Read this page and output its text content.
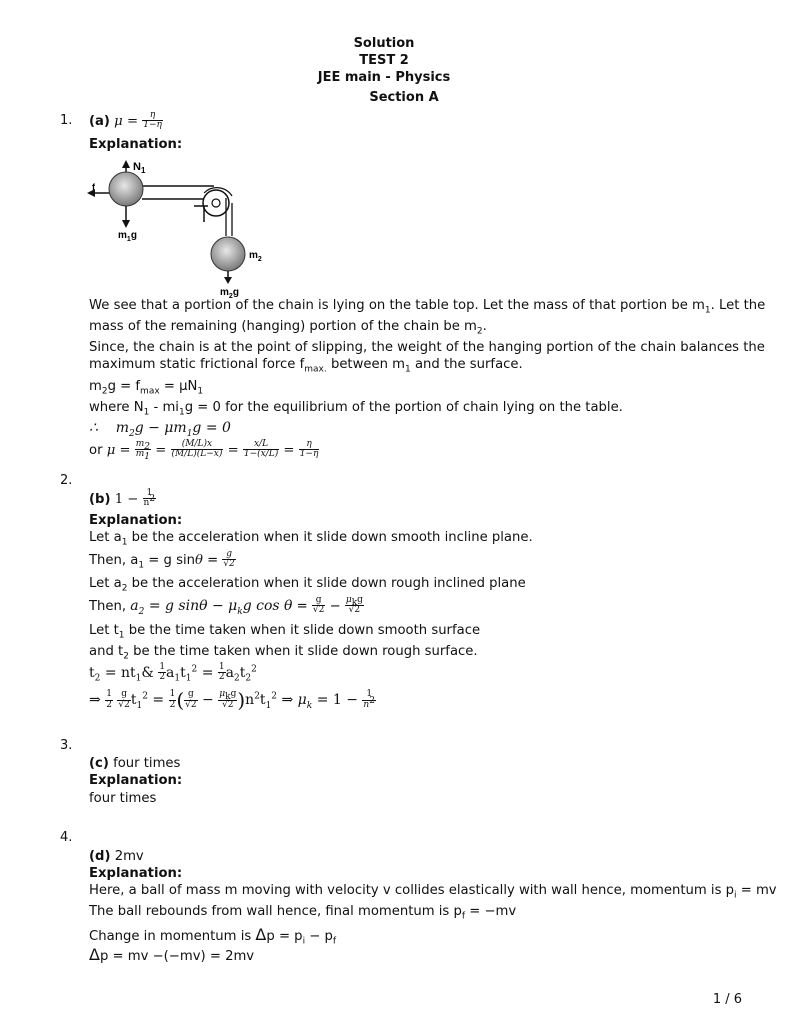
Solution
TEST 2
JEE main - Physics
Section A
1. (a) $\mu = \frac{\eta}{1-\eta}$
Explanation:
$N_1$
f
$m_1g$
$m_2$
$m_2g$
We see that a portion of the chain is lying on the table top. Let the mass of that portion be $m_1$. Let the
mass of the remaining (hanging) portion of the chain be $m_2$.
Since, the chain is at the point of slipping, the weight of the hanging portion of the chain balances the
maximum static frictional force $f_{max.}$ between $m_1$ and the surface.
$m_2g = f_{max} = \mu N_1$
where $N_1 - mi_1g = 0$ for the equilibrium of the portion of chain lying on the table.
∴    $m_2g - \mu m_1g = 0$
or $\mu = \frac{m_2}{m_1} = \frac{(M/L)x}{(M/L)(L-x)} = \frac{x/L}{1-(x/L)} = \frac{\eta}{1-\eta}$
2.
(b) $1 - \frac{1}{n^2}$
Explanation:
Let $a_1$ be the acceleration when it slide down smooth incline plane.
Then, $a_1 = g$ $\sin\theta = \frac{g}{√2}$
Let $a_2$ be the acceleration when it slide down rough inclined plane
Then, $a_2 = g$ $\sin\theta - \mu_kg$ $\cos \theta = \frac{g}{√2} - \frac{\mu_kg}{√2}$
Let $t_1$ be the time taken when it slide down smooth surface
and $t_2$ be the time taken when it slide down rough surface.
$t_2$ = $nt_1\& \frac{1}{2} a_1t_1^2 = \frac{1}{2} a_2t_2^2$
⇒ $\frac{1}{2}$
$\frac{g}{√2} t_1^2 = \frac{1}{2}$ ( $\frac{g}{√2} - \frac{\mu_kg}{√2} )n^2t_1^2$ ⇒ $\mu_k = 1 - \frac{1}{n^2}$
3.
(c) four times
Explanation:
four times
4.
(d) 2mv
Explanation:
Here, a ball of mass m moving with velocity v collides elastically with wall hence, momentum is $p_i$ = mv
The ball rebounds from wall hence, final momentum is $p_f = -mv$
Change in momentum is $\Delta p = p_i - p_f$
Δp = mv −(−mv) = 2mv
1 / 6
